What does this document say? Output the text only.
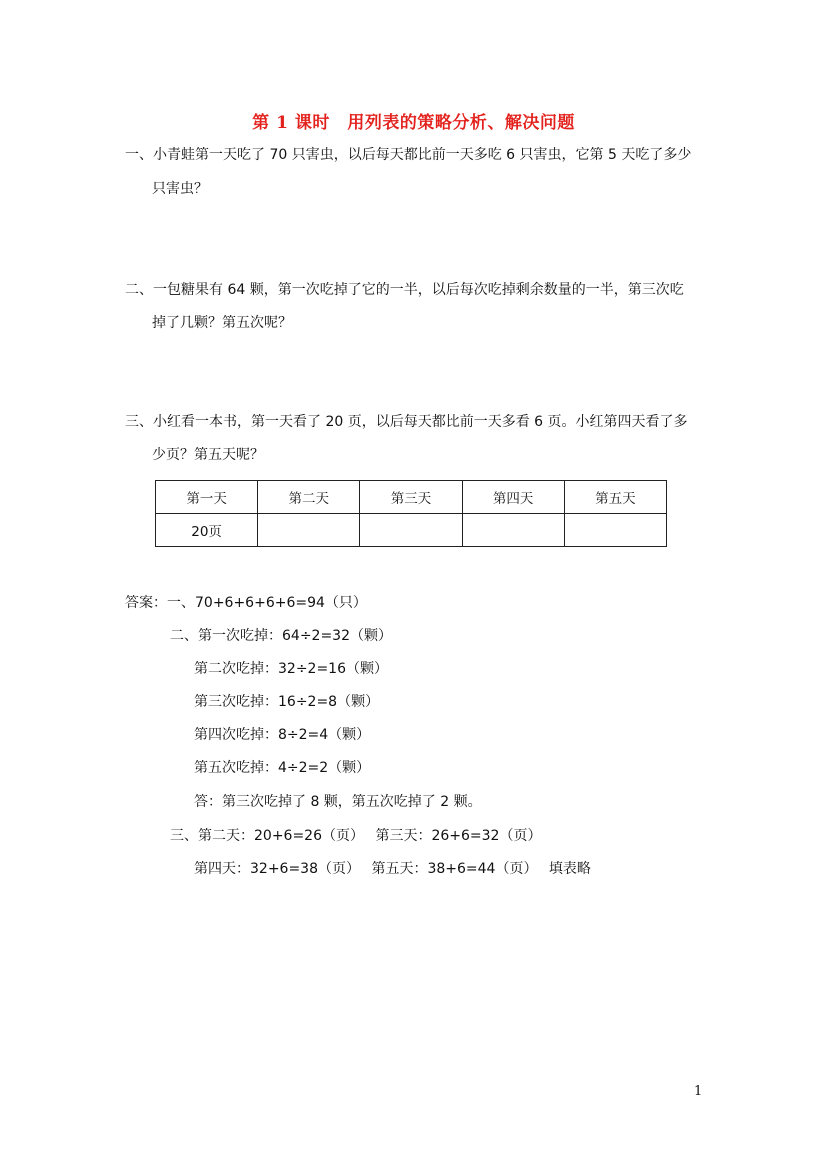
第 1 课时　用列表的策略分析、解决问题
一、小青蛙第一天吃了 70 只害虫，以后每天都比前一天多吃 6 只害虫，它第 5 天吃了多少
只害虫？
二、一包糖果有 64 颗，第一次吃掉了它的一半，以后每次吃掉剩余数量的一半，第三次吃
掉了几颗？第五次呢？
三、小红看一本书，第一天看了 20 页，以后每天都比前一天多看 6 页。小红第四天看了多
少页？第五天呢？
第一天	第二天	第三天	第四天	第五天
20页				
答案：一、70+6+6+6+6=94（只）
二、第一次吃掉：64÷2=32（颗）
第二次吃掉：32÷2=16（颗）
第三次吃掉：16÷2=8（颗）
第四次吃掉：8÷2=4（颗）
第五次吃掉：4÷2=2（颗）
答：第三次吃掉了 8 颗，第五次吃掉了 2 颗。
三、第二天：20+6=26（页）　 第三天：26+6=32（页）
第四天：32+6=38（页）　 第五天：38+6=44（页）　 填表略
1
